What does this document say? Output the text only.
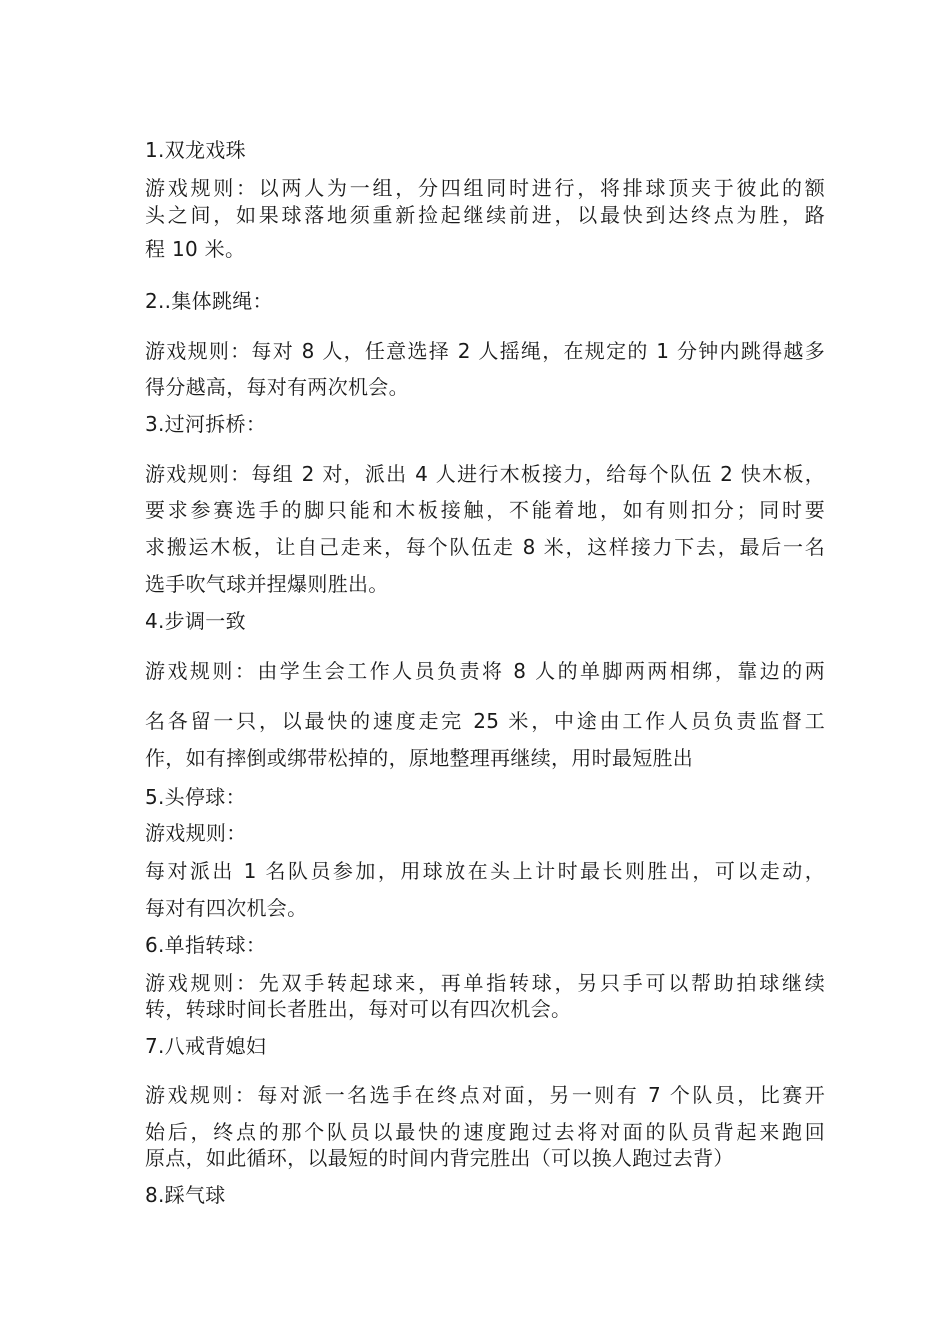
1.双龙戏珠
游戏规则：以两人为一组，分四组同时进行，将排球顶夹于彼此的额
头之间，如果球落地须重新捡起继续前进，以最快到达终点为胜，路
程 10 米。
2..集体跳绳：
游戏规则：每对 8 人，任意选择 2 人摇绳，在规定的 1 分钟内跳得越多
得分越高，每对有两次机会。
3.过河拆桥：
游戏规则：每组 2 对，派出 4 人进行木板接力，给每个队伍 2 快木板，
要求参赛选手的脚只能和木板接触，不能着地，如有则扣分；同时要
求搬运木板，让自己走来，每个队伍走 8 米，这样接力下去，最后一名
选手吹气球并捏爆则胜出。
4.步调一致
游戏规则：由学生会工作人员负责将 8 人的单脚两两相绑，靠边的两
名各留一只，以最快的速度走完 25 米，中途由工作人员负责监督工
作，如有摔倒或绑带松掉的，原地整理再继续，用时最短胜出
5.头停球：
游戏规则：
每对派出 1 名队员参加，用球放在头上计时最长则胜出，可以走动，
每对有四次机会。
6.单指转球：
游戏规则：先双手转起球来，再单指转球，另只手可以帮助拍球继续
转，转球时间长者胜出，每对可以有四次机会。
7.八戒背媳妇
游戏规则：每对派一名选手在终点对面，另一则有 7 个队员，比赛开
始后，终点的那个队员以最快的速度跑过去将对面的队员背起来跑回
原点，如此循环，以最短的时间内背完胜出（可以换人跑过去背）
8.踩气球
